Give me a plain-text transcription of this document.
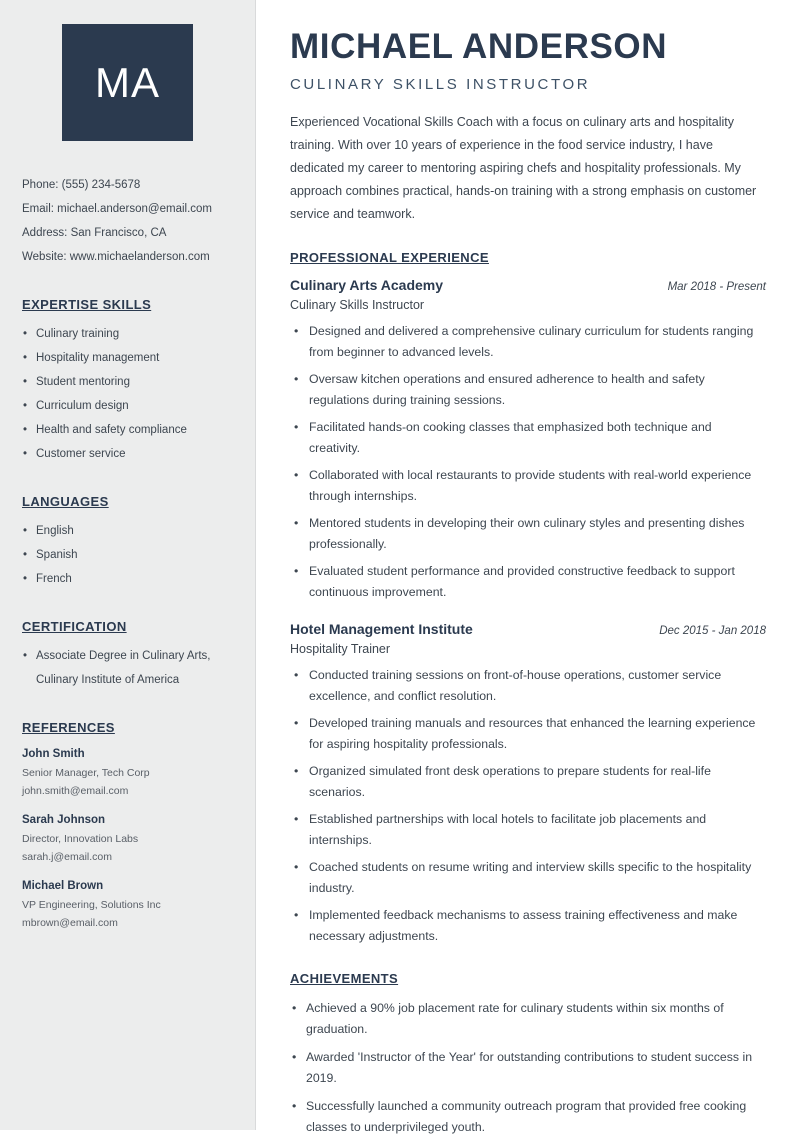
MA
Phone: (555) 234-5678
Email: michael.anderson@email.com
Address: San Francisco, CA
Website: www.michaelanderson.com
EXPERTISE SKILLS
• Culinary training
• Hospitality management
• Student mentoring
• Curriculum design
• Health and safety compliance
• Customer service
LANGUAGES
• English
• Spanish
• French
CERTIFICATION
• Associate Degree in Culinary Arts, Culinary Institute of America
REFERENCES
John Smith
Senior Manager, Tech Corp
john.smith@email.com
Sarah Johnson
Director, Innovation Labs
sarah.j@email.com
Michael Brown
VP Engineering, Solutions Inc
mbrown@email.com
MICHAEL ANDERSON
CULINARY SKILLS INSTRUCTOR

Experienced Vocational Skills Coach with a focus on culinary arts and hospitality training. With over 10 years of experience in the food service industry, I have dedicated my career to mentoring aspiring chefs and hospitality professionals. My approach combines practical, hands-on training with a strong emphasis on customer service and teamwork.

PROFESSIONAL EXPERIENCE
Culinary Arts Academy	Mar 2018 - Present
Culinary Skills Instructor
• Designed and delivered a comprehensive culinary curriculum for students ranging from beginner to advanced levels.
• Oversaw kitchen operations and ensured adherence to health and safety regulations during training sessions.
• Facilitated hands-on cooking classes that emphasized both technique and creativity.
• Collaborated with local restaurants to provide students with real-world experience through internships.
• Mentored students in developing their own culinary styles and presenting dishes professionally.
• Evaluated student performance and provided constructive feedback to support continuous improvement.
Hotel Management Institute	Dec 2015 - Jan 2018
Hospitality Trainer
• Conducted training sessions on front-of-house operations, customer service excellence, and conflict resolution.
• Developed training manuals and resources that enhanced the learning experience for aspiring hospitality professionals.
• Organized simulated front desk operations to prepare students for real-life scenarios.
• Established partnerships with local hotels to facilitate job placements and internships.
• Coached students on resume writing and interview skills specific to the hospitality industry.
• Implemented feedback mechanisms to assess training effectiveness and make necessary adjustments.
ACHIEVEMENTS
• Achieved a 90% job placement rate for culinary students within six months of graduation.
• Awarded 'Instructor of the Year' for outstanding contributions to student success in 2019.
• Successfully launched a community outreach program that provided free cooking classes to underprivileged youth.
